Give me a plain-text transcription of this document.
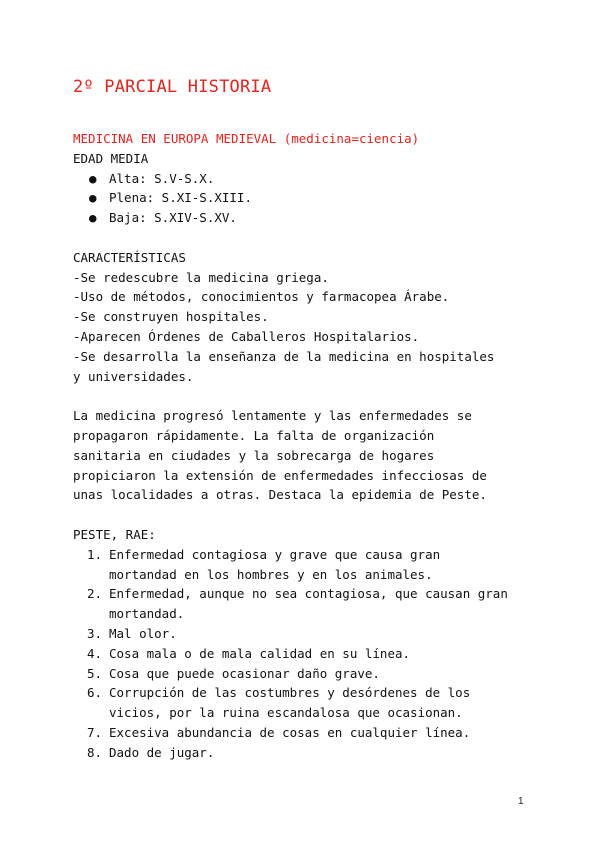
2º PARCIAL HISTORIA

MEDICINA EN EUROPA MEDIEVAL (medicina=ciencia)

EDAD MEDIA

● Alta: S.V-S.X.
● Plena: S.XI-S.XIII.
● Baja: S.XIV-S.XV.

CARACTERÍSTICAS

-Se redescubre la medicina griega.

-Uso de métodos, conocimientos y farmacopea Árabe.

-Se construyen hospitales.

-Aparecen Órdenes de Caballeros Hospitalarios.

-Se desarrolla la enseñanza de la medicina en hospitales

y universidades.

La medicina progresó lentamente y las enfermedades se

propagaron rápidamente. La falta de organización

sanitaria en ciudades y la sobrecarga de hogares

propiciaron la extensión de enfermedades infecciosas de

unas localidades a otras. Destaca la epidemia de Peste.

PESTE, RAE:

1. Enfermedad contagiosa y grave que causa gran
mortandad en los hombres y en los animales.
2. Enfermedad, aunque no sea contagiosa, que causan gran
mortandad.
3. Mal olor.
4. Cosa mala o de mala calidad en su línea.
5. Cosa que puede ocasionar daño grave.
6. Corrupción de las costumbres y desórdenes de los
vicios, por la ruina escandalosa que ocasionan.
7. Excesiva abundancia de cosas en cualquier línea.
8. Dado de jugar.
1
